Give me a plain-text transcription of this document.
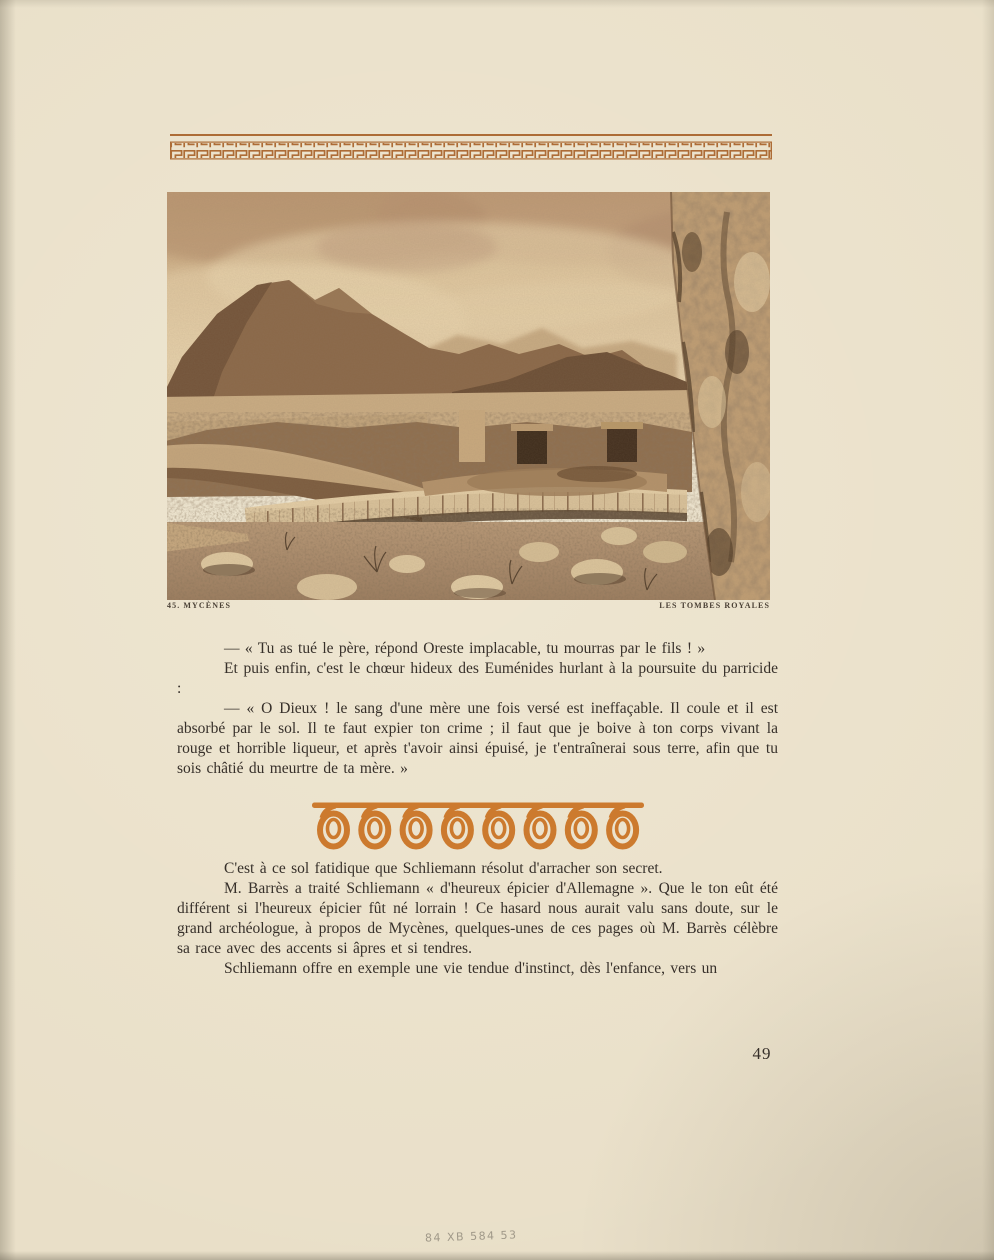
45. MYCÈNES	LES TOMBES ROYALES

— « Tu as tué le père, répond Oreste implacable, tu mourras par le fils ! »

Et puis enfin, c'est le chœur hideux des Euménides hurlant à la poursuite du parricide :

— « O Dieux ! le sang d'une mère une fois versé est ineffaçable. Il coule et il est absorbé par le sol. Il te faut expier ton crime ; il faut que je boive à ton corps vivant la rouge et horrible liqueur, et après t'avoir ainsi épuisé, je t'entraînerai sous terre, afin que tu sois châtié du meurtre de ta mère. »

C'est à ce sol fatidique que Schliemann résolut d'arracher son secret.

M. Barrès a traité Schliemann « d'heureux épicier d'Allemagne ». Que le ton eût été différent si l'heureux épicier fût né lorrain ! Ce hasard nous aurait valu sans doute, sur le grand archéologue, à propos de Mycènes, quelques-unes de ces pages où M. Barrès célèbre sa race avec des accents si âpres et si tendres.

Schliemann offre en exemple une vie tendue d'instinct, dès l'enfance, vers un

49
84 XB 584 53
